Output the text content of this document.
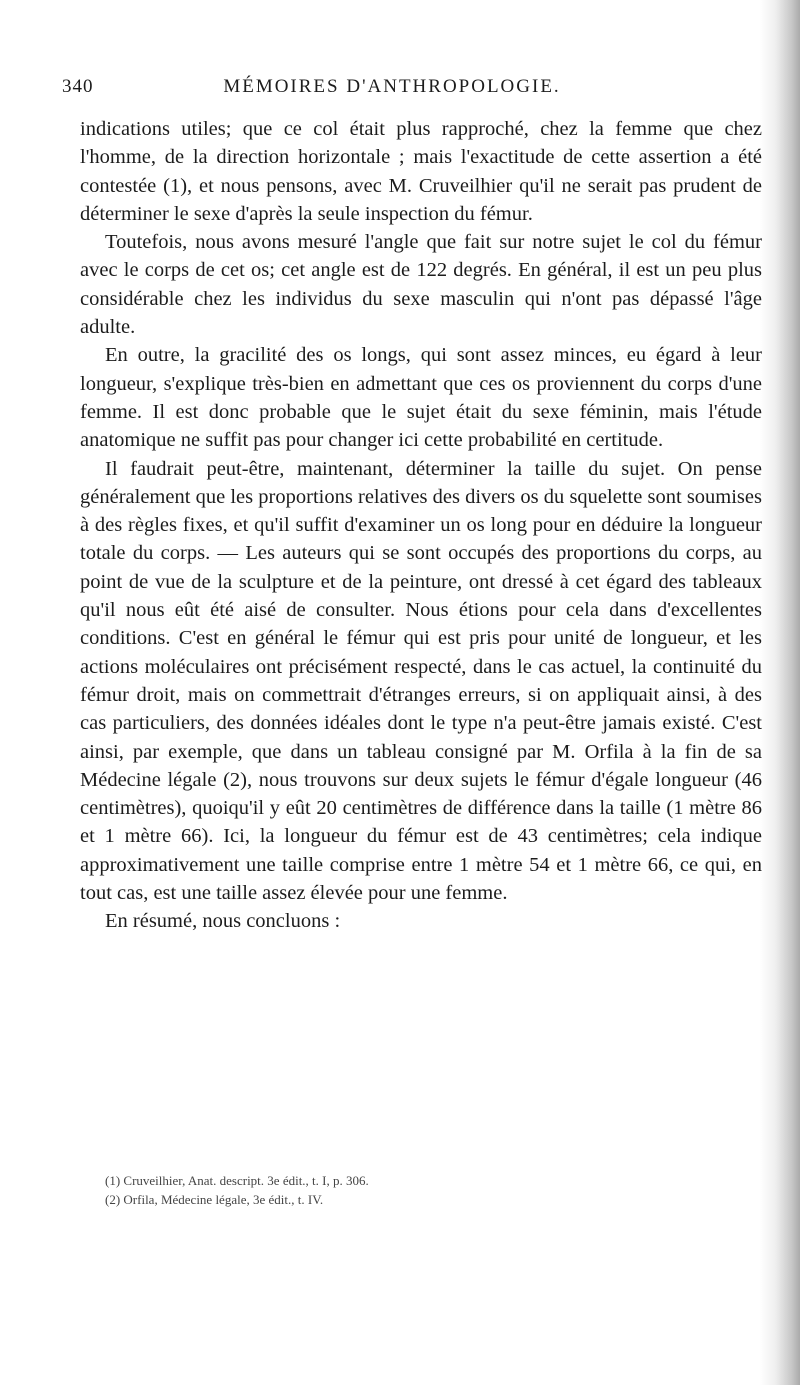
340	MÉMOIRES D'ANTHROPOLOGIE.

indications utiles; que ce col était plus rapproché, chez la femme que chez l'homme, de la direction horizontale ; mais l'exactitude de cette assertion a été contestée (1), et nous pensons, avec M. Cruveilhier qu'il ne serait pas prudent de déterminer le sexe d'après la seule inspection du fémur.

Toutefois, nous avons mesuré l'angle que fait sur notre sujet le col du fémur avec le corps de cet os; cet angle est de 122 degrés. En général, il est un peu plus considérable chez les individus du sexe masculin qui n'ont pas dépassé l'âge adulte.

En outre, la gracilité des os longs, qui sont assez minces, eu égard à leur longueur, s'explique très-bien en admettant que ces os proviennent du corps d'une femme. Il est donc probable que le sujet était du sexe féminin, mais l'étude anatomique ne suffit pas pour changer ici cette probabilité en certitude.

Il faudrait peut-être, maintenant, déterminer la taille du sujet. On pense généralement que les proportions relatives des divers os du squelette sont soumises à des règles fixes, et qu'il suffit d'examiner un os long pour en déduire la longueur totale du corps. — Les auteurs qui se sont occupés des proportions du corps, au point de vue de la sculpture et de la peinture, ont dressé à cet égard des tableaux qu'il nous eût été aisé de consulter. Nous étions pour cela dans d'excellentes conditions. C'est en général le fémur qui est pris pour unité de longueur, et les actions moléculaires ont précisément respecté, dans le cas actuel, la continuité du fémur droit, mais on commettrait d'étranges erreurs, si on appliquait ainsi, à des cas particuliers, des données idéales dont le type n'a peut-être jamais existé. C'est ainsi, par exemple, que dans un tableau consigné par M. Orfila à la fin de sa Médecine légale (2), nous trouvons sur deux sujets le fémur d'égale longueur (46 centimètres), quoiqu'il y eût 20 centimètres de différence dans la taille (1 mètre 86 et 1 mètre 66). Ici, la longueur du fémur est de 43 centimètres; cela indique approximativement une taille comprise entre 1 mètre 54 et 1 mètre 66, ce qui, en tout cas, est une taille assez élevée pour une femme.

En résumé, nous concluons :

(1) Cruveilhier, Anat. descript. 3e édit., t. I, p. 306.

(2) Orfila, Médecine légale, 3e édit., t. IV.
